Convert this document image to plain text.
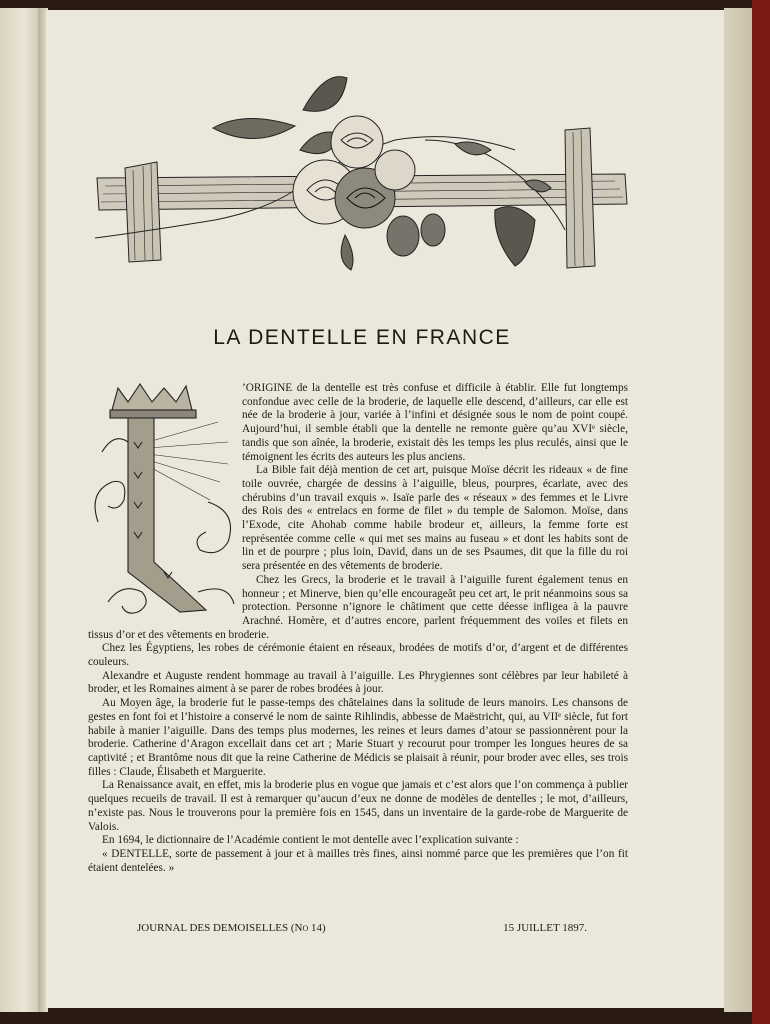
LA DENTELLE EN FRANCE

’ORIGINE de la dentelle est très confuse et difficile à établir. Elle fut longtemps confondue avec celle de la broderie, de laquelle elle descend, d’ailleurs, car elle est née de la broderie à jour, variée à l’infini et désignée sous le nom de point coupé. Aujourd’hui, il semble établi que la dentelle ne remonte guère qu’au XVIᵉ siècle, tandis que son aînée, la broderie, existait dès les temps les plus reculés, ainsi que le témoignent les écrits des auteurs les plus anciens.

La Bible fait déjà mention de cet art, puisque Moïse décrit les rideaux « de fine toile ouvrée, chargée de dessins à l’aiguille, bleus, pourpres, écarlate, avec des chérubins d’un travail exquis ». Isaïe parle des « réseaux » des femmes et le Livre des Rois des « entrelacs en forme de filet » du temple de Salomon. Moïse, dans l’Exode, cite Ahohab comme habile brodeur et, ailleurs, la femme forte est représentée comme celle « qui met ses mains au fuseau » et dont les habits sont de lin et de pourpre ; plus loin, David, dans un de ses Psaumes, dit que la fille du roi sera présentée en des vêtements de broderie.

Chez les Grecs, la broderie et le travail à l’aiguille furent également tenus en honneur ; et Minerve, bien qu’elle encourageât peu cet art, le prit néanmoins sous sa protection. Personne n’ignore le châtiment que cette déesse infligea à la pauvre Arachné. Homère, et d’autres encore, parlent fréquemment des voiles et filets en tissus d’or et des vêtements en broderie.

Chez les Égyptiens, les robes de cérémonie étaient en réseaux, brodées de motifs d’or, d’argent et de différentes couleurs.

Alexandre et Auguste rendent hommage au travail à l’aiguille. Les Phrygiennes sont célèbres par leur habileté à broder, et les Romaines aiment à se parer de robes brodées à jour.

Au Moyen âge, la broderie fut le passe-temps des châtelaines dans la solitude de leurs manoirs. Les chansons de gestes en font foi et l’histoire a conservé le nom de sainte Rihlindis, abbesse de Maëstricht, qui, au VIIᵉ siècle, fut fort habile à manier l’aiguille. Dans des temps plus modernes, les reines et leurs dames d’atour se passionnèrent pour la broderie. Catherine d’Aragon excellait dans cet art ; Marie Stuart y recourut pour tromper les longues heures de sa captivité ; et Brantôme nous dit que la reine Catherine de Médicis se plaisait à réunir, pour broder avec elles, ses trois filles : Claude, Élisabeth et Marguerite.

La Renaissance avait, en effet, mis la broderie plus en vogue que jamais et c’est alors que l’on commença à publier quelques recueils de travail. Il est à remarquer qu’aucun d’eux ne donne de modèles de dentelles ; le mot, d’ailleurs, n’existe pas. Nous le trouverons pour la première fois en 1545, dans un inventaire de la garde-robe de Marguerite de Valois.

En 1694, le dictionnaire de l’Académie contient le mot dentelle avec l’explication suivante :

« DENTELLE, sorte de passement à jour et à mailles très fines, ainsi nommé parce que les premières que l’on fit étaient dentelées. »

JOURNAL DES DEMOISELLES (No 14)	15 JUILLET 1897.
